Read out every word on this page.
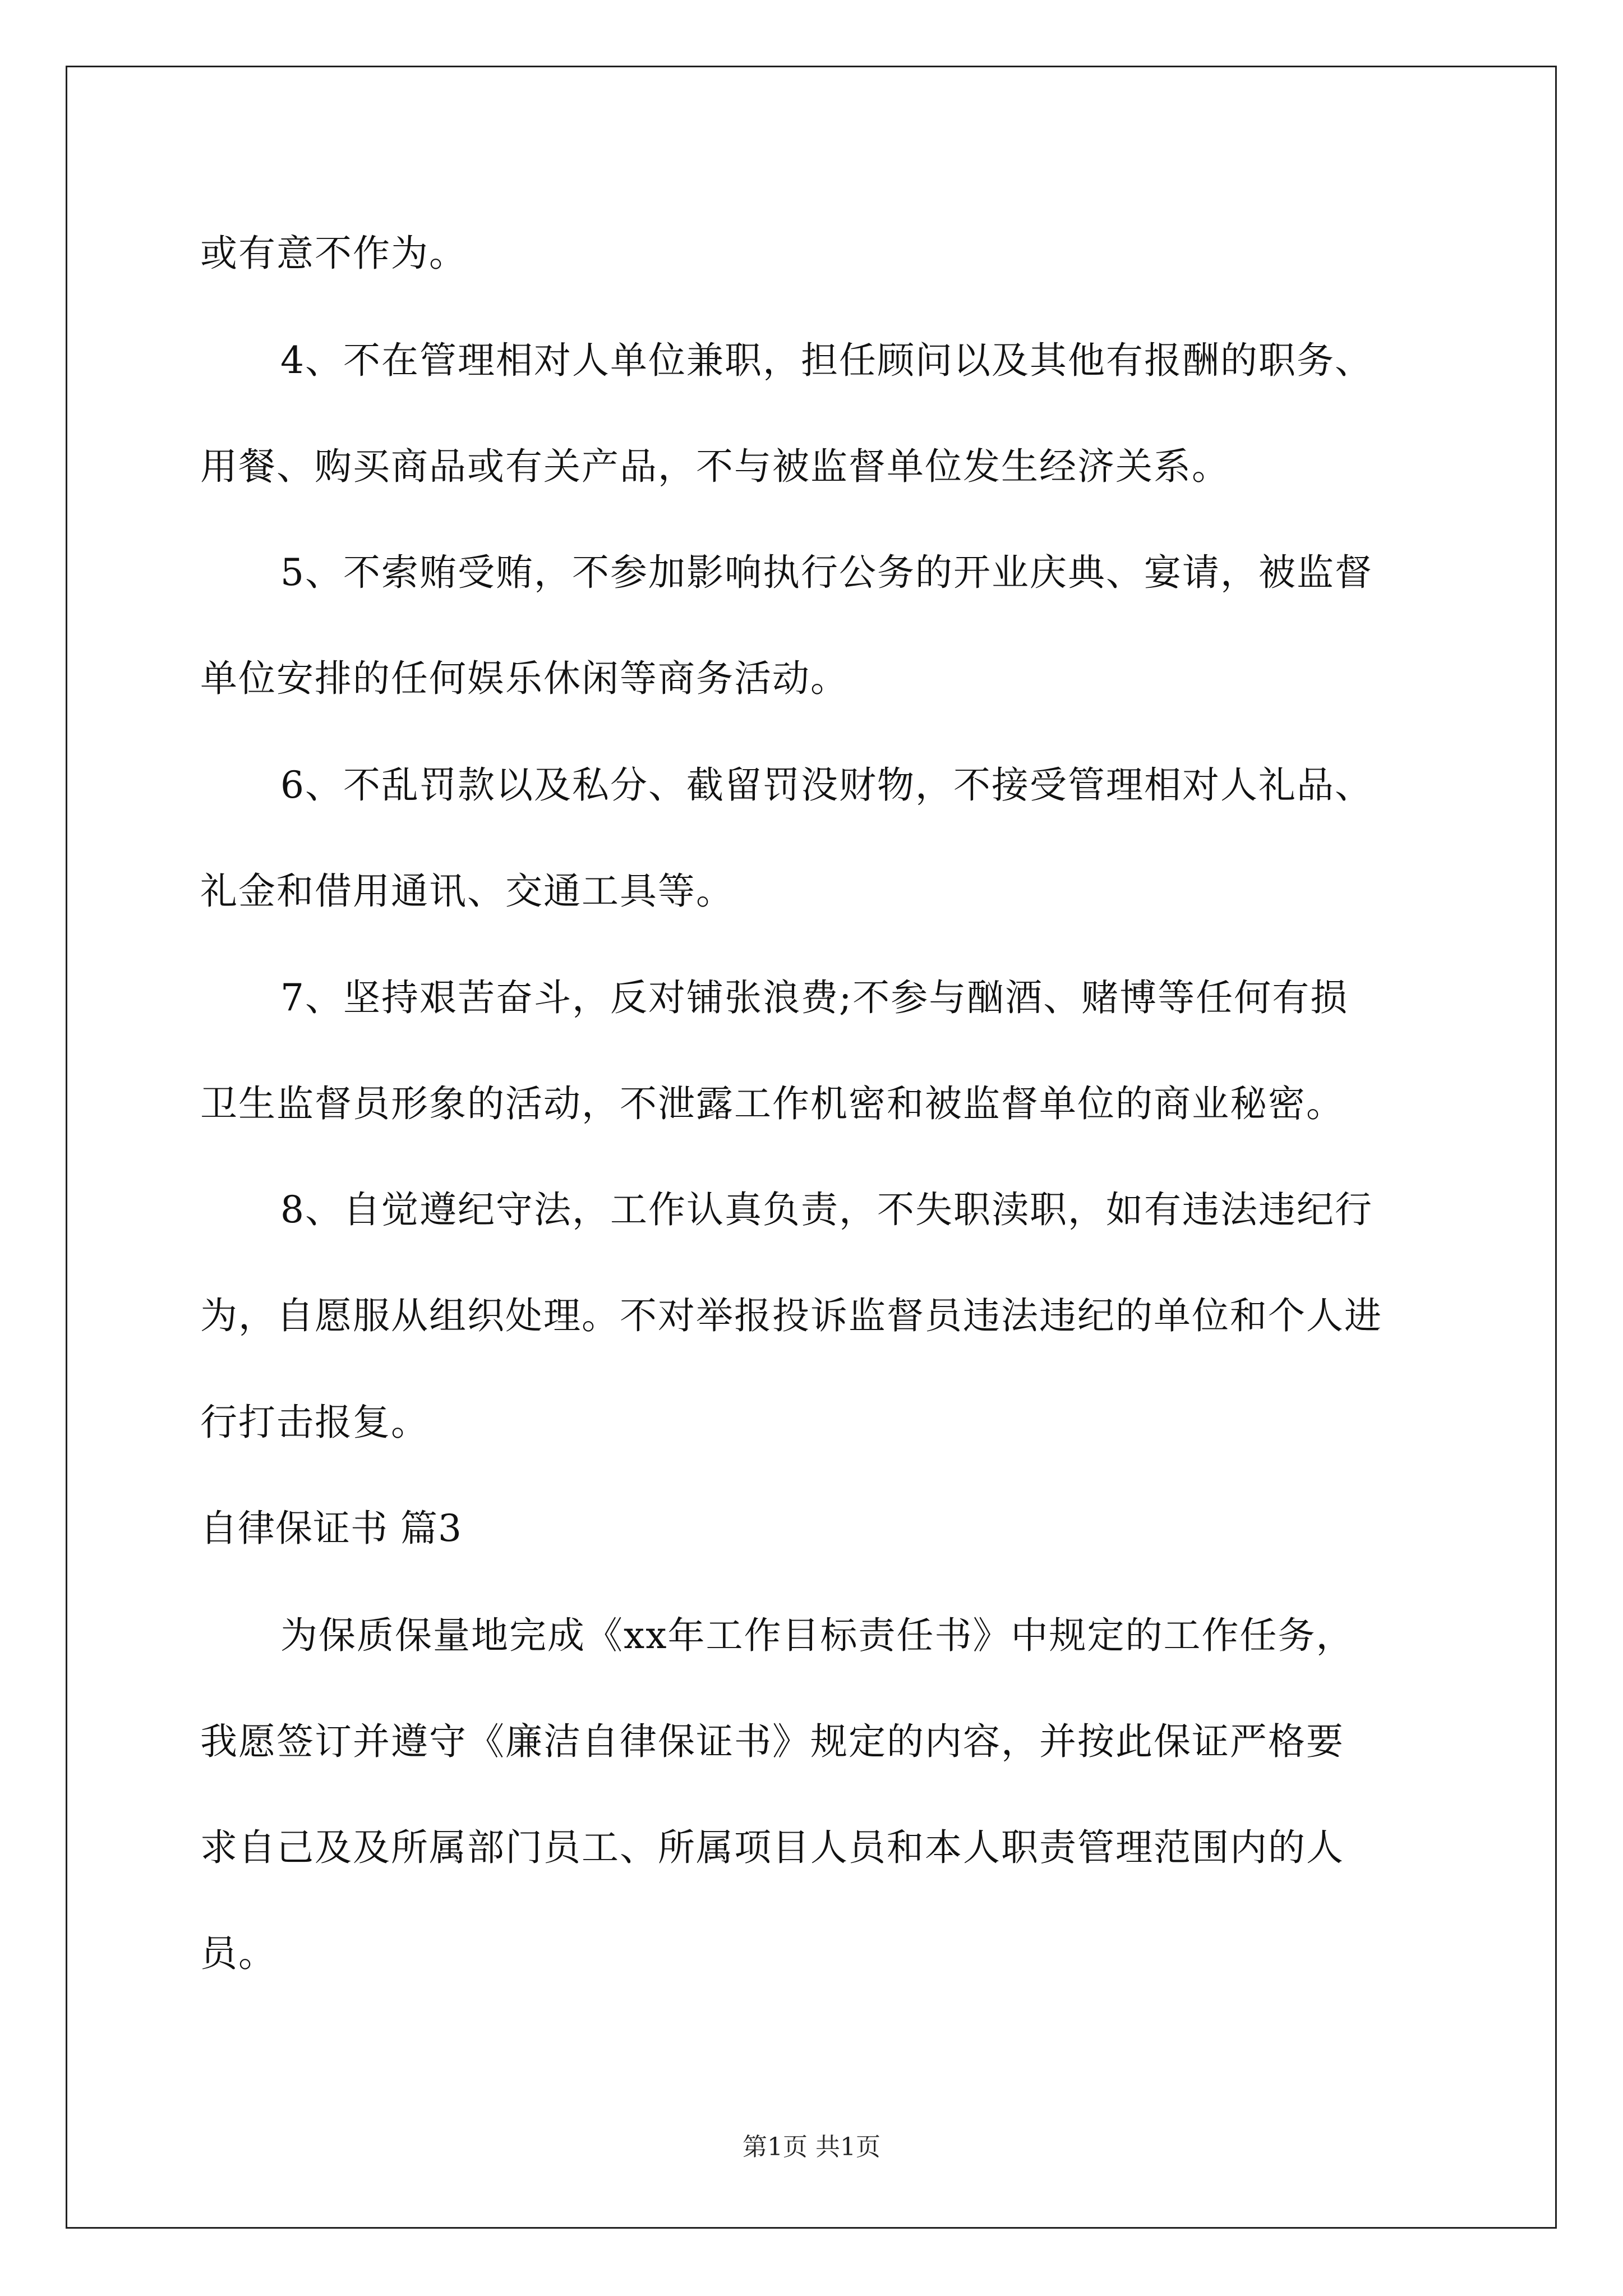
或有意不作为。
4、不在管理相对人单位兼职，担任顾问以及其他有报酬的职务、
用餐、购买商品或有关产品，不与被监督单位发生经济关系。
5、不索贿受贿，不参加影响执行公务的开业庆典、宴请，被监督
单位安排的任何娱乐休闲等商务活动。
6、不乱罚款以及私分、截留罚没财物，不接受管理相对人礼品、
礼金和借用通讯、交通工具等。
7、坚持艰苦奋斗，反对铺张浪费;不参与酗酒、赌博等任何有损
卫生监督员形象的活动，不泄露工作机密和被监督单位的商业秘密。
8、自觉遵纪守法，工作认真负责，不失职渎职，如有违法违纪行
为，自愿服从组织处理。不对举报投诉监督员违法违纪的单位和个人进
行打击报复。
自律保证书 篇3
为保质保量地完成《xx年工作目标责任书》中规定的工作任务，
我愿签订并遵守《廉洁自律保证书》规定的内容，并按此保证严格要
求自己及及所属部门员工、所属项目人员和本人职责管理范围内的人
员。
第1页 共1页
